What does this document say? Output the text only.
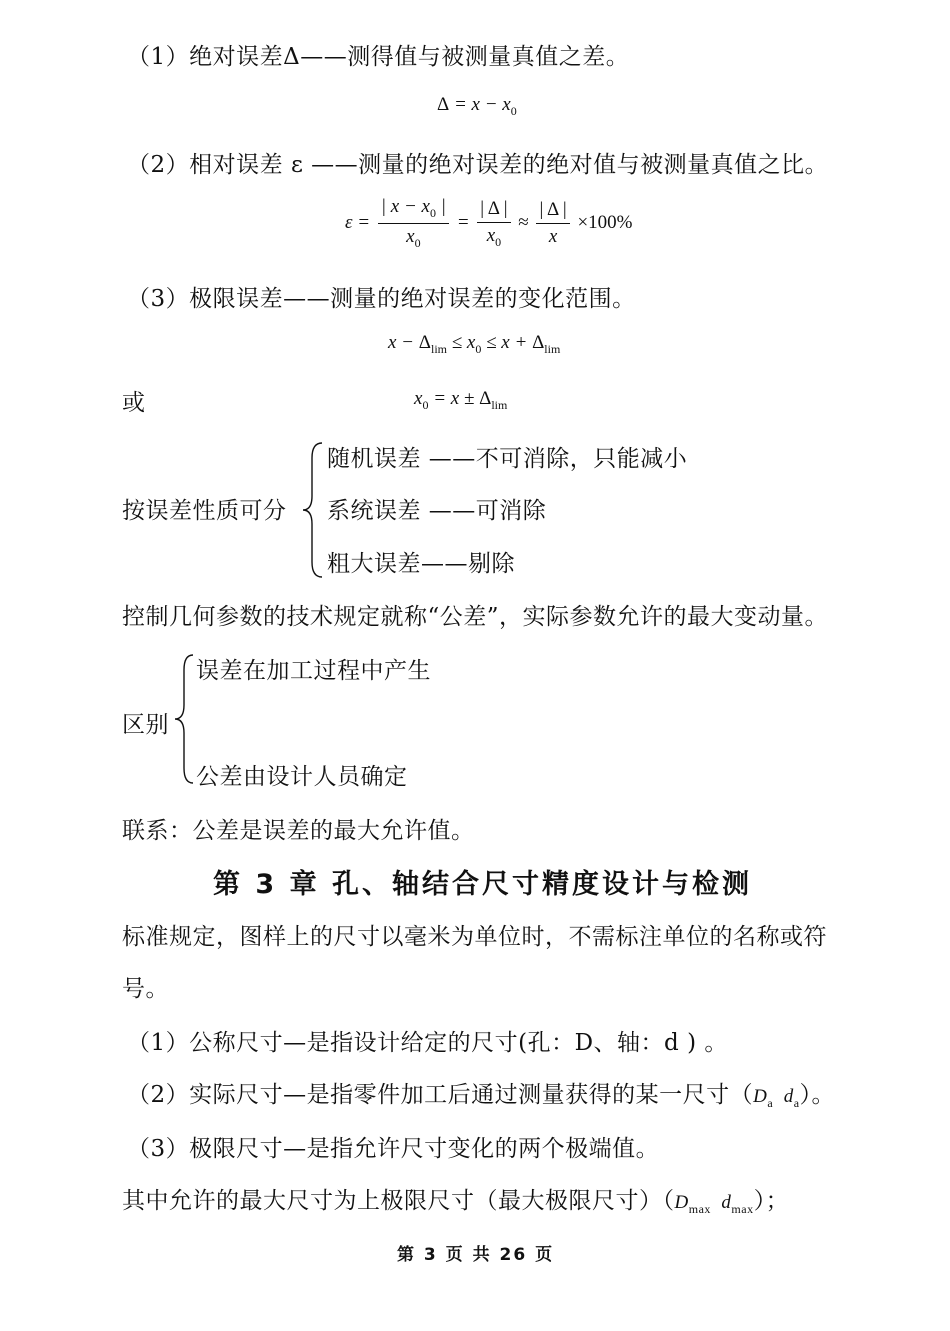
（1）绝对误差Δ——测得值与被测量真值之差。
$\Delta = x - x_0$
（2）相对误差 ε ——测量的绝对误差的绝对值与被测量真值之比。
$\varepsilon = \frac{| x - x_0 |}{x_0} = \frac{| \Delta |}{x_0} \approx \frac{| \Delta |}{x} \times 100\%$
（3）极限误差——测量的绝对误差的变化范围。
$x - \Delta_{lim} \le x_0 \le x + \Delta_{lim}$
或	$x_0 = x \pm \Delta_{lim}$
按误差性质可分
随机误差 ——不可消除，只能减小
系统误差 ——可消除
粗大误差——剔除
控制几何参数的技术规定就称“公差”，实际参数允许的最大变动量。
区别
误差在加工过程中产生
公差由设计人员确定
联系：公差是误差的最大允许值。
第 3 章 孔、轴结合尺寸精度设计与检测
标准规定，图样上的尺寸以毫米为单位时，不需标注单位的名称或符
号。
（1）公称尺寸—是指设计给定的尺寸(孔：D、轴：d ) 。
（2）实际尺寸—是指零件加工后通过测量获得的某一尺寸（$D_a$  $d_a$）。
（3）极限尺寸—是指允许尺寸变化的两个极端值。
其中允许的最大尺寸为上极限尺寸（最大极限尺寸）（$D_{max}$  $d_{max}$）；
第 3 页 共 26 页
